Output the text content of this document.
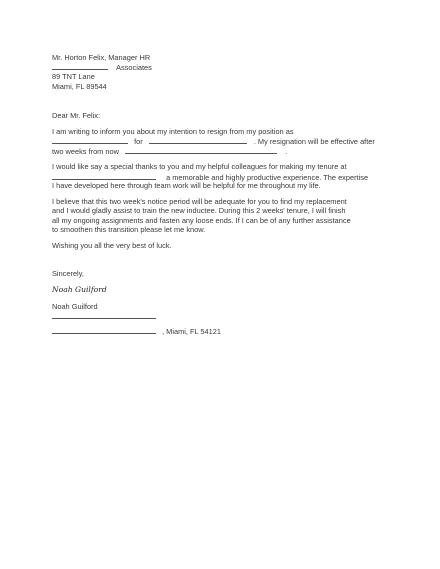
Mr. Horton Felix, Manager HR
Associates
89 TNT Lane
Miami, FL 89544
Dear Mr. Felix:
I am writing to inform you about my intention to resign from my position as
for	. My resignation will be effective after
two weeks from now	.
I would like say a special thanks to you and my helpful colleagues for making my tenure at
a memorable and highly productive experience. The expertise
I have developed here through team work will be helpful for me throughout my life.
I believe that this two week's notice period will be adequate for you to find my replacement
and I would gladly assist to train the new inductee. During this 2 weeks' tenure, I will finish
all my ongoing assignments and fasten any loose ends. If I can be of any further assistance
to smoothen this transition please let me know.
Wishing you all the very best of luck.
Sincerely,
Noah Guilford
Noah Guilford
, Miami, FL 54121
